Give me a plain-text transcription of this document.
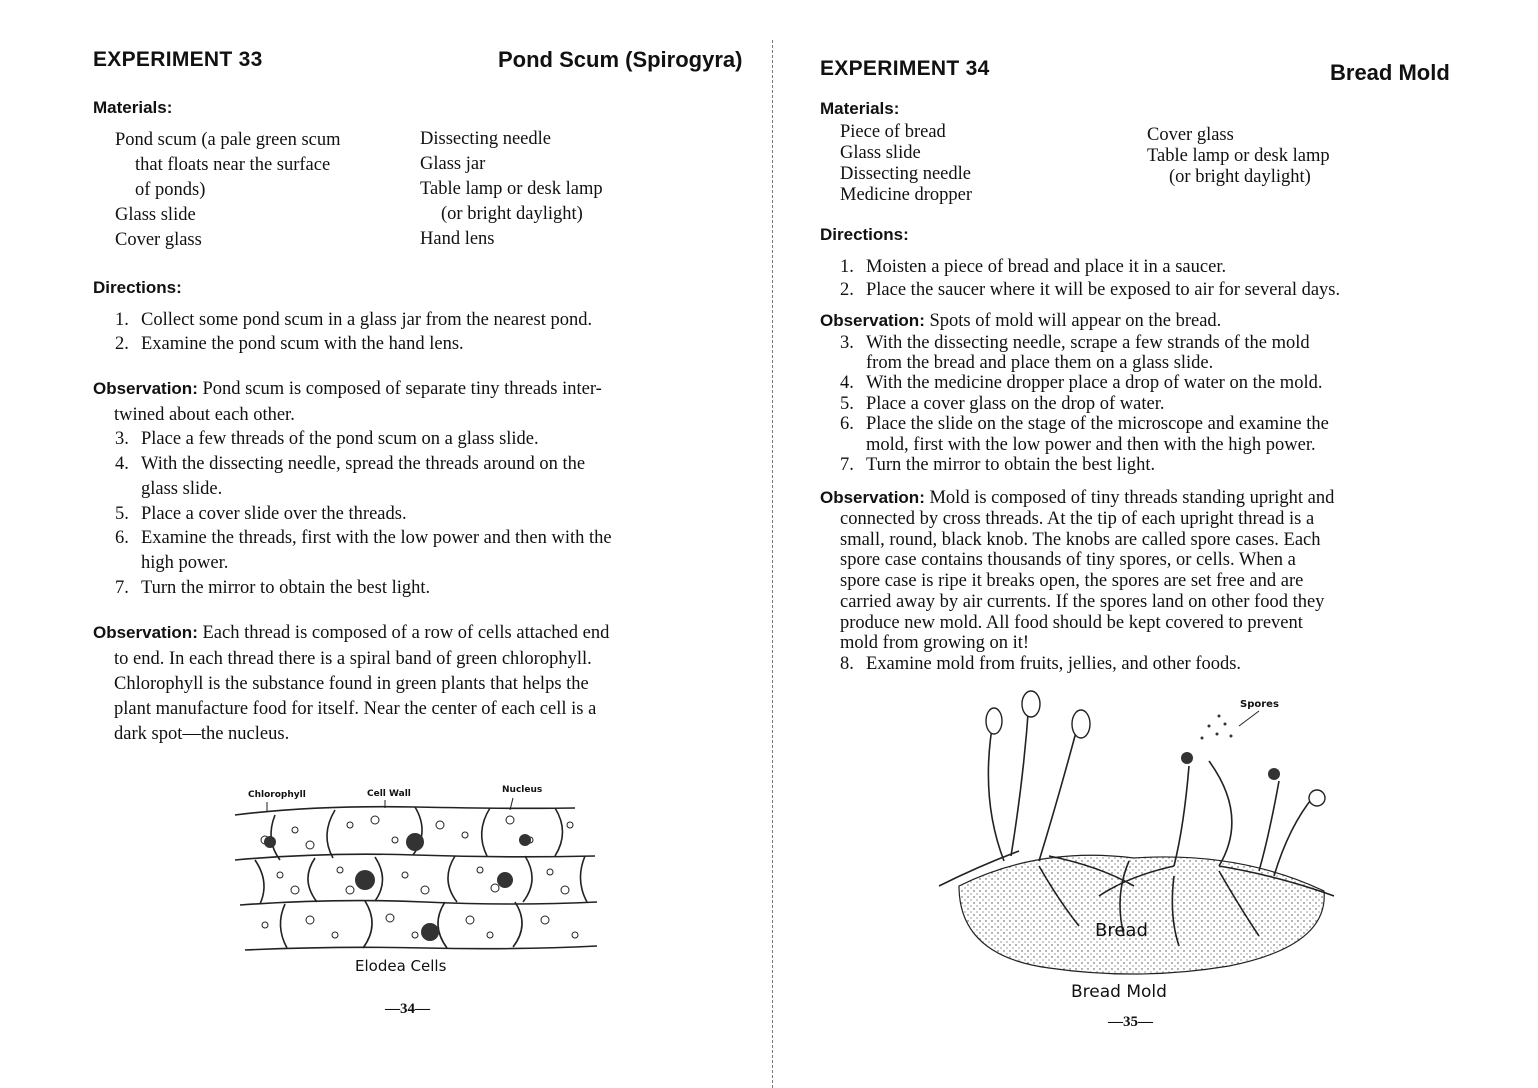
EXPERIMENT 33	Pond Scum (Spirogyra)
Materials:
Pond scum (a pale green scum
that floats near the surface
of ponds)
Glass slide
Cover glass
Dissecting needle
Glass jar
Table lamp or desk lamp
(or bright daylight)
Hand lens
Directions:
1. Collect some pond scum in a glass jar from the nearest pond.
2. Examine the pond scum with the hand lens.
Observation: Pond scum is composed of separate tiny threads inter-
twined about each other.
3. Place a few threads of the pond scum on a glass slide.
4. With the dissecting needle, spread the threads around on the
glass slide.
5. Place a cover slide over the threads.
6. Examine the threads, first with the low power and then with the
high power.
7. Turn the mirror to obtain the best light.
Observation: Each thread is composed of a row of cells attached end
to end. In each thread there is a spiral band of green chlorophyll.
Chlorophyll is the substance found in green plants that helps the
plant manufacture food for itself. Near the center of each cell is a
dark spot—the nucleus.
Chlorophyll	Cell Wall	Nucleus
Elodea Cells
—34—
EXPERIMENT 34	Bread Mold
Materials:
Piece of bread
Glass slide
Dissecting needle
Medicine dropper
Cover glass
Table lamp or desk lamp
(or bright daylight)
Directions:
1. Moisten a piece of bread and place it in a saucer.
2. Place the saucer where it will be exposed to air for several days.
Observation: Spots of mold will appear on the bread.
3. With the dissecting needle, scrape a few strands of the mold
from the bread and place them on a glass slide.
4. With the medicine dropper place a drop of water on the mold.
5. Place a cover glass on the drop of water.
6. Place the slide on the stage of the microscope and examine the
mold, first with the low power and then with the high power.
7. Turn the mirror to obtain the best light.
Observation: Mold is composed of tiny threads standing upright and
connected by cross threads. At the tip of each upright thread is a
small, round, black knob. The knobs are called spore cases. Each
spore case contains thousands of tiny spores, or cells. When a
spore case is ripe it breaks open, the spores are set free and are
carried away by air currents. If the spores land on other food they
produce new mold. All food should be kept covered to prevent
mold from growing on it!
8. Examine mold from fruits, jellies, and other foods.
Spores
Bread
Bread Mold
—35—
